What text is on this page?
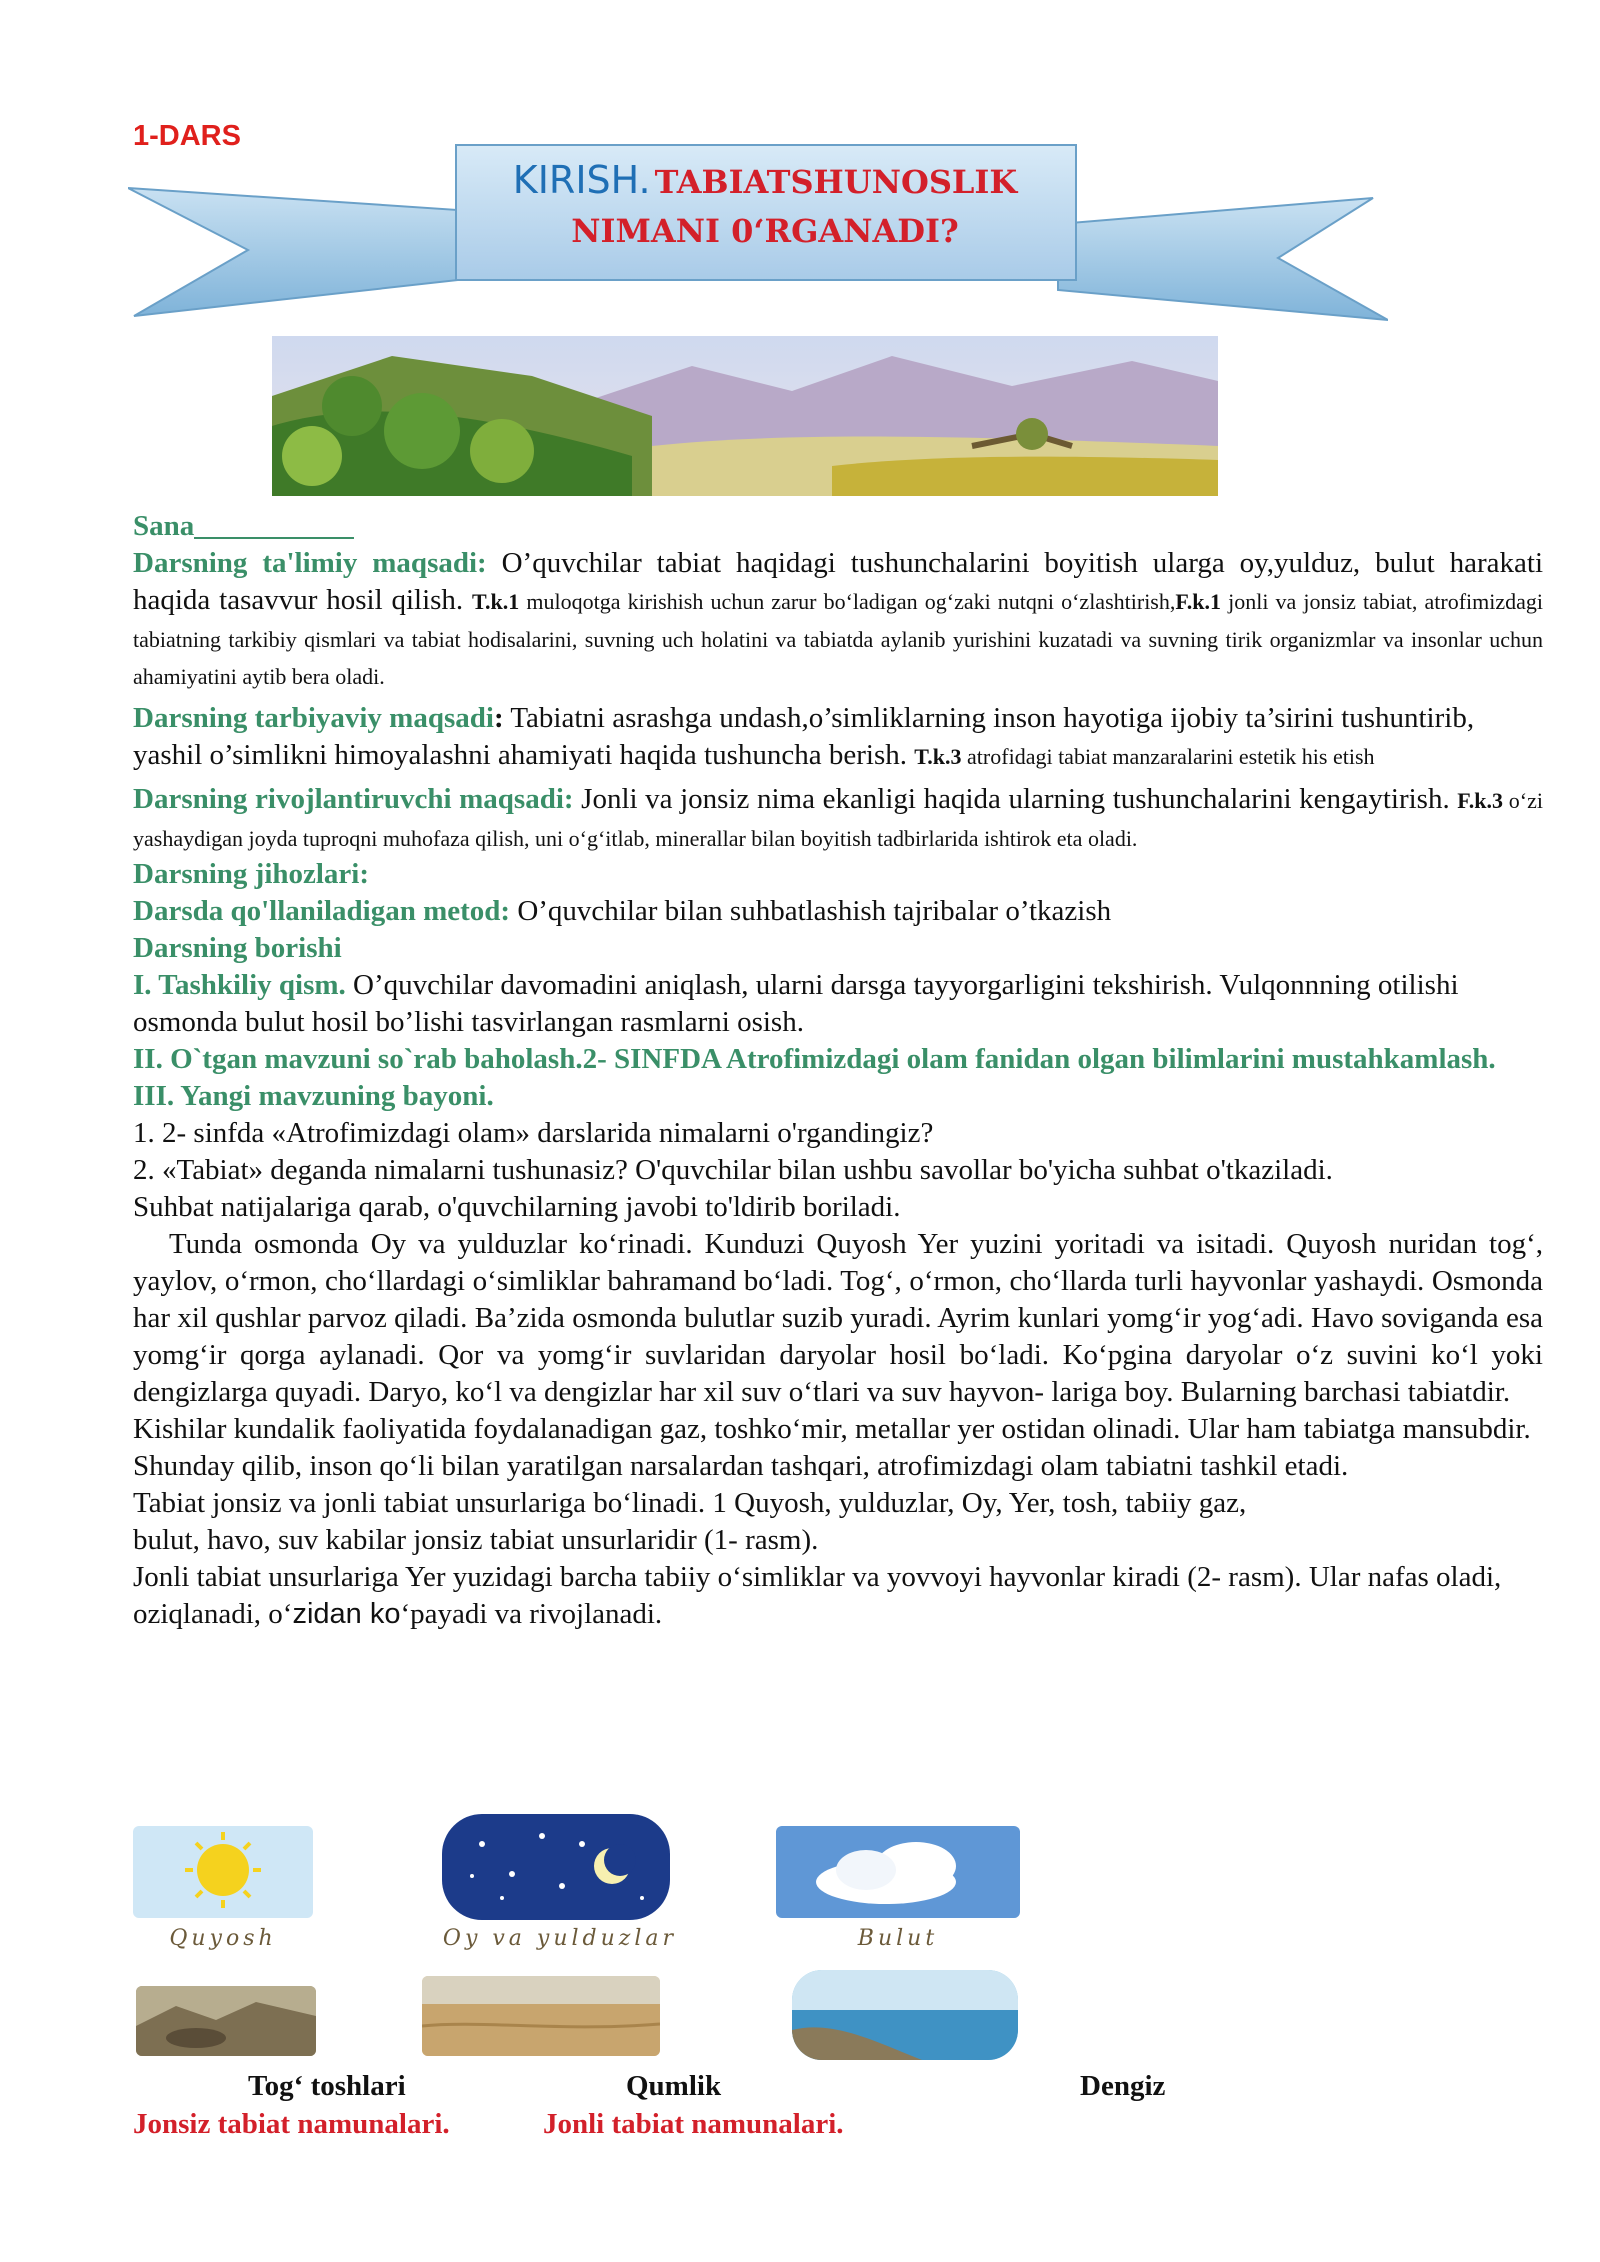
1-DARS
KIRISH. TABIATSHUNOSLIK
NIMANI 0‘RGANADI?

Sana___________

Darsning ta'limiy maqsadi: O’quvchilar tabiat haqidagi tushunchalarini boyitish ularga oy,yulduz, bulut harakati haqida tasavvur hosil qilish. T.k.1 muloqotga kirishish uchun zarur bo‘ladigan og‘zaki nutqni o‘zlashtirish,F.k.1 jonli va jonsiz tabiat, atrofimizdagi tabiatning tarkibiy qismlari va tabiat hodisalarini, suvning uch holatini va tabiatda aylanib yurishini kuzatadi va suvning tirik organizmlar va insonlar uchun ahamiyatini aytib bera oladi.

Darsning tarbiyaviy maqsadi: Tabiatni asrashga undash,o’simliklarning inson hayotiga ijobiy ta’sirini tushuntirib, yashil o’simlikni himoyalashni ahamiyati haqida tushuncha berish. T.k.3 atrofidagi tabiat manzaralarini estetik his etish

Darsning rivojlantiruvchi maqsadi: Jonli va jonsiz nima ekanligi haqida ularning tushunchalarini kengaytirish. F.k.3 o‘zi yashaydigan joyda tuproqni muhofaza qilish, uni o‘g‘itlab, minerallar bilan boyitish tadbirlarida ishtirok eta oladi.

Darsning jihozlari:

Darsda qo'llaniladigan metod: O’quvchilar bilan suhbatlashish tajribalar o’tkazish

Darsning borishi

I. Tashkiliy qism. O’quvchilar davomadini aniqlash, ularni darsga tayyorgarligini tekshirish. Vulqonnning otilishi osmonda bulut hosil bo’lishi tasvirlangan rasmlarni osish.

II. O`tgan mavzuni so`rab baholash.2- SINFDA Atrofimizdagi olam fanidan olgan bilimlarini mustahkamlash.

III. Yangi mavzuning bayoni.

1. 2- sinfda «Atrofimizdagi olam» darslarida nimalarni o'rgandingiz?

2. «Tabiat» deganda nimalarni tushunasiz? O'quvchilar bilan ushbu savollar bo'yicha suhbat o'tkaziladi.

Suhbat natijalariga qarab, o'quvchilarning javobi to'ldirib boriladi.

Tunda osmonda Oy va yulduzlar ko‘rinadi. Kunduzi Quyosh Yer yuzini yoritadi va isitadi. Quyosh nuridan tog‘, yaylov, o‘rmon, cho‘llardagi o‘simliklar bahramand bo‘ladi. Tog‘, o‘rmon, cho‘llarda turli hayvonlar yashaydi. Osmonda har xil qushlar parvoz qiladi. Ba’zida osmonda bulutlar suzib yuradi. Ayrim kunlari yomg‘ir yog‘adi. Havo soviganda esa yomg‘ir qorga aylanadi. Qor va yomg‘ir suvlaridan daryolar hosil bo‘ladi. Ko‘pgina daryolar o‘z suvini ko‘l yoki dengizlarga quyadi. Daryo, ko‘l va dengizlar har xil suv o‘tlari va suv hayvon- lariga boy. Bularning barchasi tabiatdir.

Kishilar kundalik faoliyatida foydalanadigan gaz, toshko‘mir, metallar yer ostidan olinadi. Ular ham tabiatga mansubdir.

Shunday qilib, inson qo‘li bilan yaratilgan narsalardan tashqari, atrofimizdagi olam tabiatni tashkil etadi.

Tabiat jonsiz va jonli tabiat unsurlariga bo‘linadi. 1 Quyosh, yulduzlar, Oy, Yer, tosh, tabiiy gaz,

bulut, havo, suv kabilar jonsiz tabiat unsurlaridir (1- rasm).

Jonli tabiat unsurlariga Yer yuzidagi barcha tabiiy o‘simliklar va yovvoyi hayvonlar kiradi (2- rasm). Ular nafas oladi, oziqlanadi, o‘zidan ko‘payadi va rivojlanadi.

Quyosh	Oy va yulduzlar	Bulut
Tog‘ toshlari	Qumlik	Dengiz
Jonsiz tabiat namunalari.	Jonli tabiat namunalari.
